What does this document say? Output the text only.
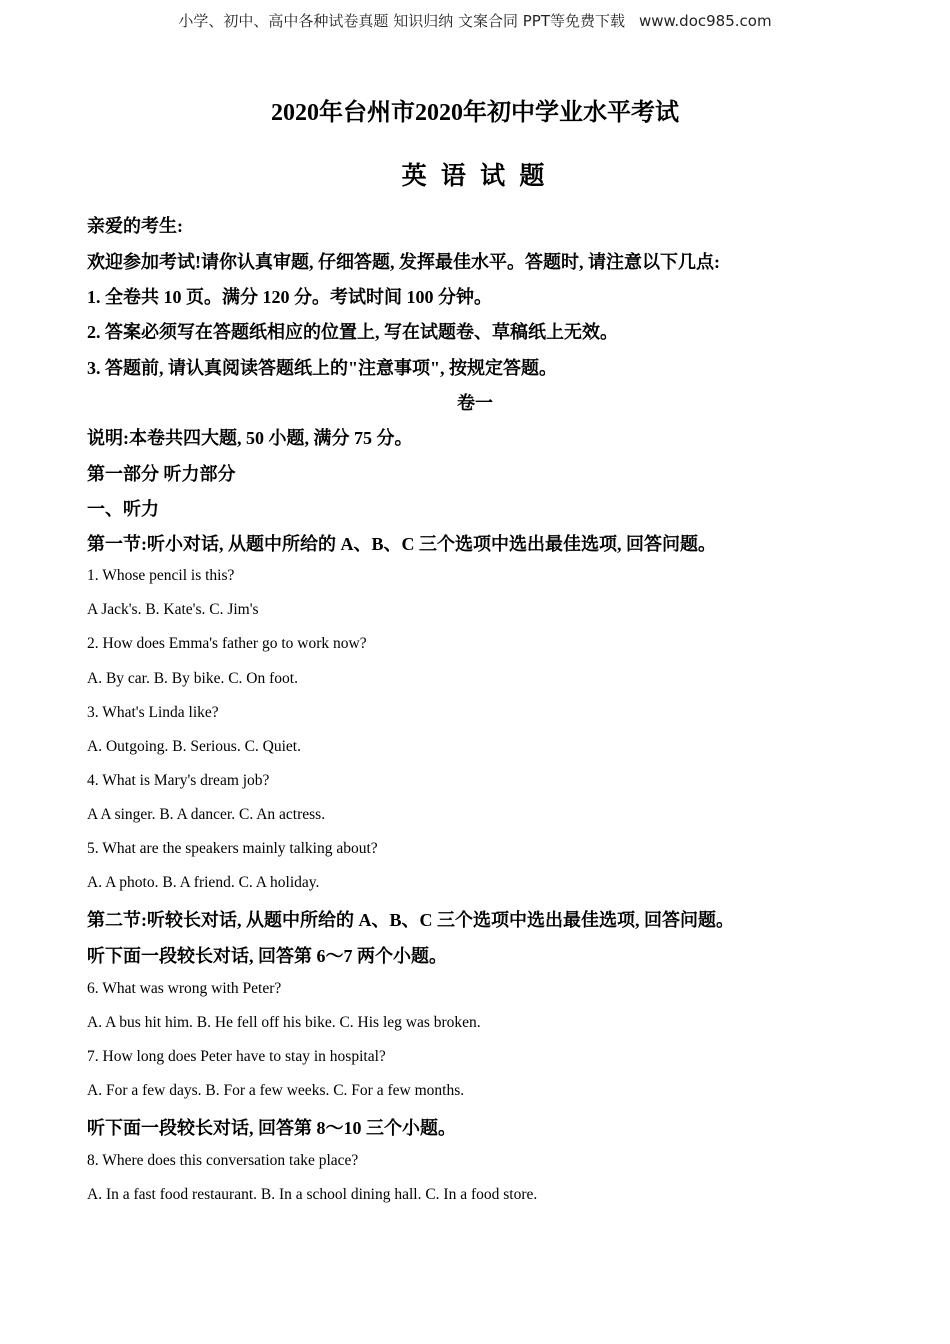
小学、初中、高中各种试卷真题 知识归纳 文案合同 PPT等免费下载 www.doc985.com
2020年台州市2020年初中学业水平考试
英 语 试 题
亲爱的考生:
欢迎参加考试!请你认真审题, 仔细答题, 发挥最佳水平。答题时, 请注意以下几点:
1. 全卷共 10 页。满分 120 分。考试时间 100 分钟。
2. 答案必须写在答题纸相应的位置上, 写在试题卷、草稿纸上无效。
3. 答题前, 请认真阅读答题纸上的"注意事项", 按规定答题。
卷一
说明:本卷共四大题, 50 小题, 满分 75 分。
第一部分 听力部分
一、听力
第一节:听小对话, 从题中所给的 A、B、C 三个选项中选出最佳选项, 回答问题。
1. Whose pencil is this?
A Jack's. B. Kate's. C. Jim's
2. How does Emma's father go to work now?
A. By car. B. By bike. C. On foot.
3. What's Linda like?
A. Outgoing. B. Serious. C. Quiet.
4. What is Mary's dream job?
A A singer. B. A dancer. C. An actress.
5. What are the speakers mainly talking about?
A. A photo. B. A friend. C. A holiday.
第二节:听较长对话, 从题中所给的 A、B、C 三个选项中选出最佳选项, 回答问题。
听下面一段较长对话, 回答第 6～7 两个小题。
6. What was wrong with Peter?
A. A bus hit him. B. He fell off his bike. C. His leg was broken.
7. How long does Peter have to stay in hospital?
A. For a few days. B. For a few weeks. C. For a few months.
听下面一段较长对话, 回答第 8～10 三个小题。
8. Where does this conversation take place?
A. In a fast food restaurant. B. In a school dining hall. C. In a food store.
